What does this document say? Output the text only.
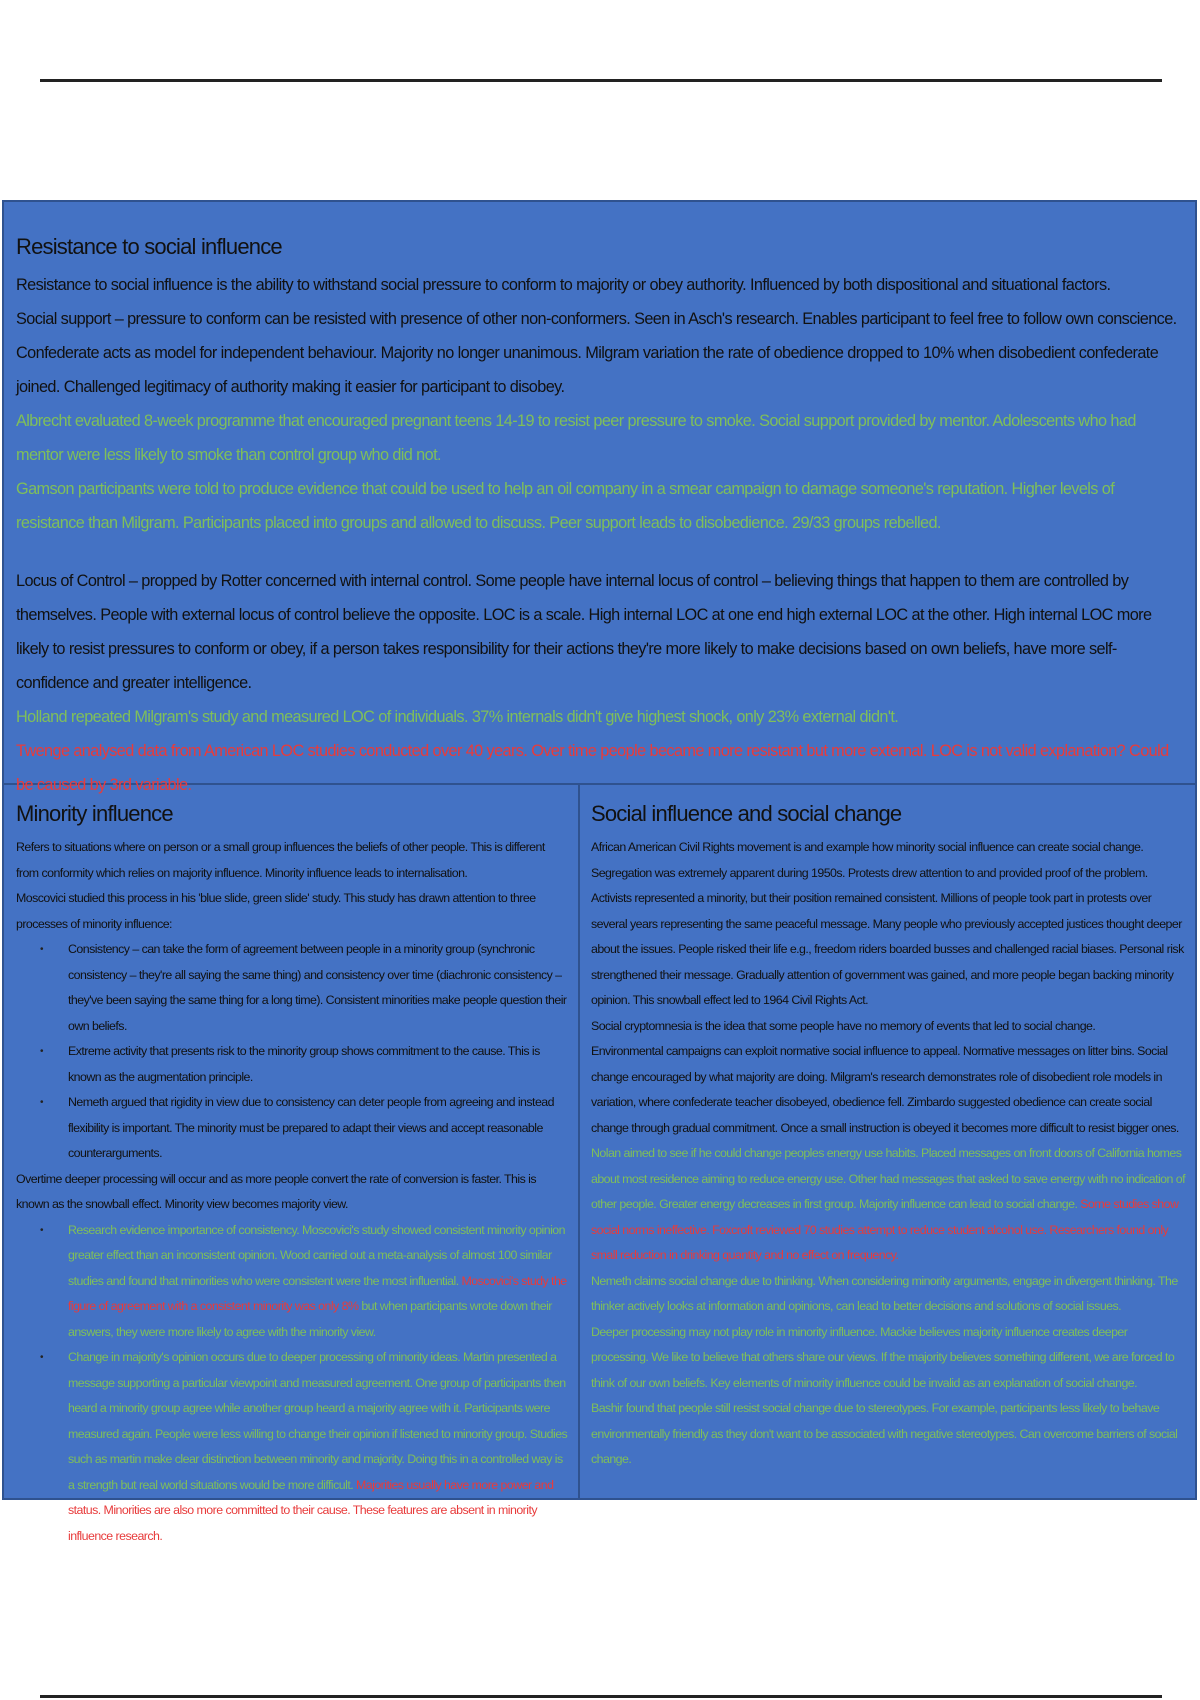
Resistance to social influence

Resistance to social influence is the ability to withstand social pressure to conform to majority or obey authority. Influenced by both dispositional and situational factors.

Social support – pressure to conform can be resisted with presence of other non-conformers. Seen in Asch's research. Enables participant to feel free to follow own conscience. Confederate acts as model for independent behaviour. Majority no longer unanimous. Milgram variation the rate of obedience dropped to 10% when disobedient confederate joined. Challenged legitimacy of authority making it easier for participant to disobey.

Albrecht evaluated 8-week programme that encouraged pregnant teens 14-19 to resist peer pressure to smoke. Social support provided by mentor. Adolescents who had mentor were less likely to smoke than control group who did not.

Gamson participants were told to produce evidence that could be used to help an oil company in a smear campaign to damage someone's reputation. Higher levels of resistance than Milgram. Participants placed into groups and allowed to discuss. Peer support leads to disobedience. 29/33 groups rebelled.

Locus of Control – propped by Rotter concerned with internal control. Some people have internal locus of control – believing things that happen to them are controlled by themselves. People with external locus of control believe the opposite. LOC is a scale. High internal LOC at one end high external LOC at the other. High internal LOC more likely to resist pressures to conform or obey, if a person takes responsibility for their actions they're more likely to make decisions based on own beliefs, have more self-confidence and greater intelligence.

Holland repeated Milgram's study and measured LOC of individuals. 37% internals didn't give highest shock, only 23% external didn't.

Twenge analysed data from American LOC studies conducted over 40 years. Over time people became more resistant but more external. LOC is not valid explanation? Could be caused by 3rd variable.

Minority influence

Refers to situations where on person or a small group influences the beliefs of other people. This is different from conformity which relies on majority influence. Minority influence leads to internalisation.

Moscovici studied this process in his 'blue slide, green slide' study. This study has drawn attention to three processes of minority influence:

• Consistency – can take the form of agreement between people in a minority group (synchronic consistency – they're all saying the same thing) and consistency over time (diachronic consistency – they've been saying the same thing for a long time). Consistent minorities make people question their own beliefs.
• Extreme activity that presents risk to the minority group shows commitment to the cause. This is known as the augmentation principle.
• Nemeth argued that rigidity in view due to consistency can deter people from agreeing and instead flexibility is important. The minority must be prepared to adapt their views and accept reasonable counterarguments.

Overtime deeper processing will occur and as more people convert the rate of conversion is faster. This is known as the snowball effect. Minority view becomes majority view.

• Research evidence importance of consistency. Moscovici's study showed consistent minority opinion greater effect than an inconsistent opinion. Wood carried out a meta-analysis of almost 100 similar studies and found that minorities who were consistent were the most influential. Moscovici's study the figure of agreement with a consistent minority was only 8% but when participants wrote down their answers, they were more likely to agree with the minority view.
• Change in majority's opinion occurs due to deeper processing of minority ideas. Martin presented a message supporting a particular viewpoint and measured agreement. One group of participants then heard a minority group agree while another group heard a majority agree with it. Participants were measured again. People were less willing to change their opinion if listened to minority group. Studies such as martin make clear distinction between minority and majority. Doing this in a controlled way is a strength but real world situations would be more difficult. Majorities usually have more power and status. Minorities are also more committed to their cause. These features are absent in minority influence research.
Social influence and social change

African American Civil Rights movement is and example how minority social influence can create social change. Segregation was extremely apparent during 1950s. Protests drew attention to and provided proof of the problem. Activists represented a minority, but their position remained consistent. Millions of people took part in protests over several years representing the same peaceful message. Many people who previously accepted justices thought deeper about the issues. People risked their life e.g., freedom riders boarded busses and challenged racial biases. Personal risk strengthened their message. Gradually attention of government was gained, and more people began backing minority opinion. This snowball effect led to 1964 Civil Rights Act.

Social cryptomnesia is the idea that some people have no memory of events that led to social change.

Environmental campaigns can exploit normative social influence to appeal. Normative messages on litter bins. Social change encouraged by what majority are doing. Milgram's research demonstrates role of disobedient role models in variation, where confederate teacher disobeyed, obedience fell. Zimbardo suggested obedience can create social change through gradual commitment. Once a small instruction is obeyed it becomes more difficult to resist bigger ones.

Nolan aimed to see if he could change peoples energy use habits. Placed messages on front doors of California homes about most residence aiming to reduce energy use. Other had messages that asked to save energy with no indication of other people. Greater energy decreases in first group. Majority influence can lead to social change. Some studies show social norms ineffective. Foxcroft reviewed 70 studies attempt to reduce student alcohol use. Researchers found only small reduction in drinking quantity and no effect on frequency.

Nemeth claims social change due to thinking. When considering minority arguments, engage in divergent thinking. The thinker actively looks at information and opinions, can lead to better decisions and solutions of social issues.

Deeper processing may not play role in minority influence. Mackie believes majority influence creates deeper processing. We like to believe that others share our views. If the majority believes something different, we are forced to think of our own beliefs. Key elements of minority influence could be invalid as an explanation of social change.

Bashir found that people still resist social change due to stereotypes. For example, participants less likely to behave environmentally friendly as they don't want to be associated with negative stereotypes. Can overcome barriers of social change.
